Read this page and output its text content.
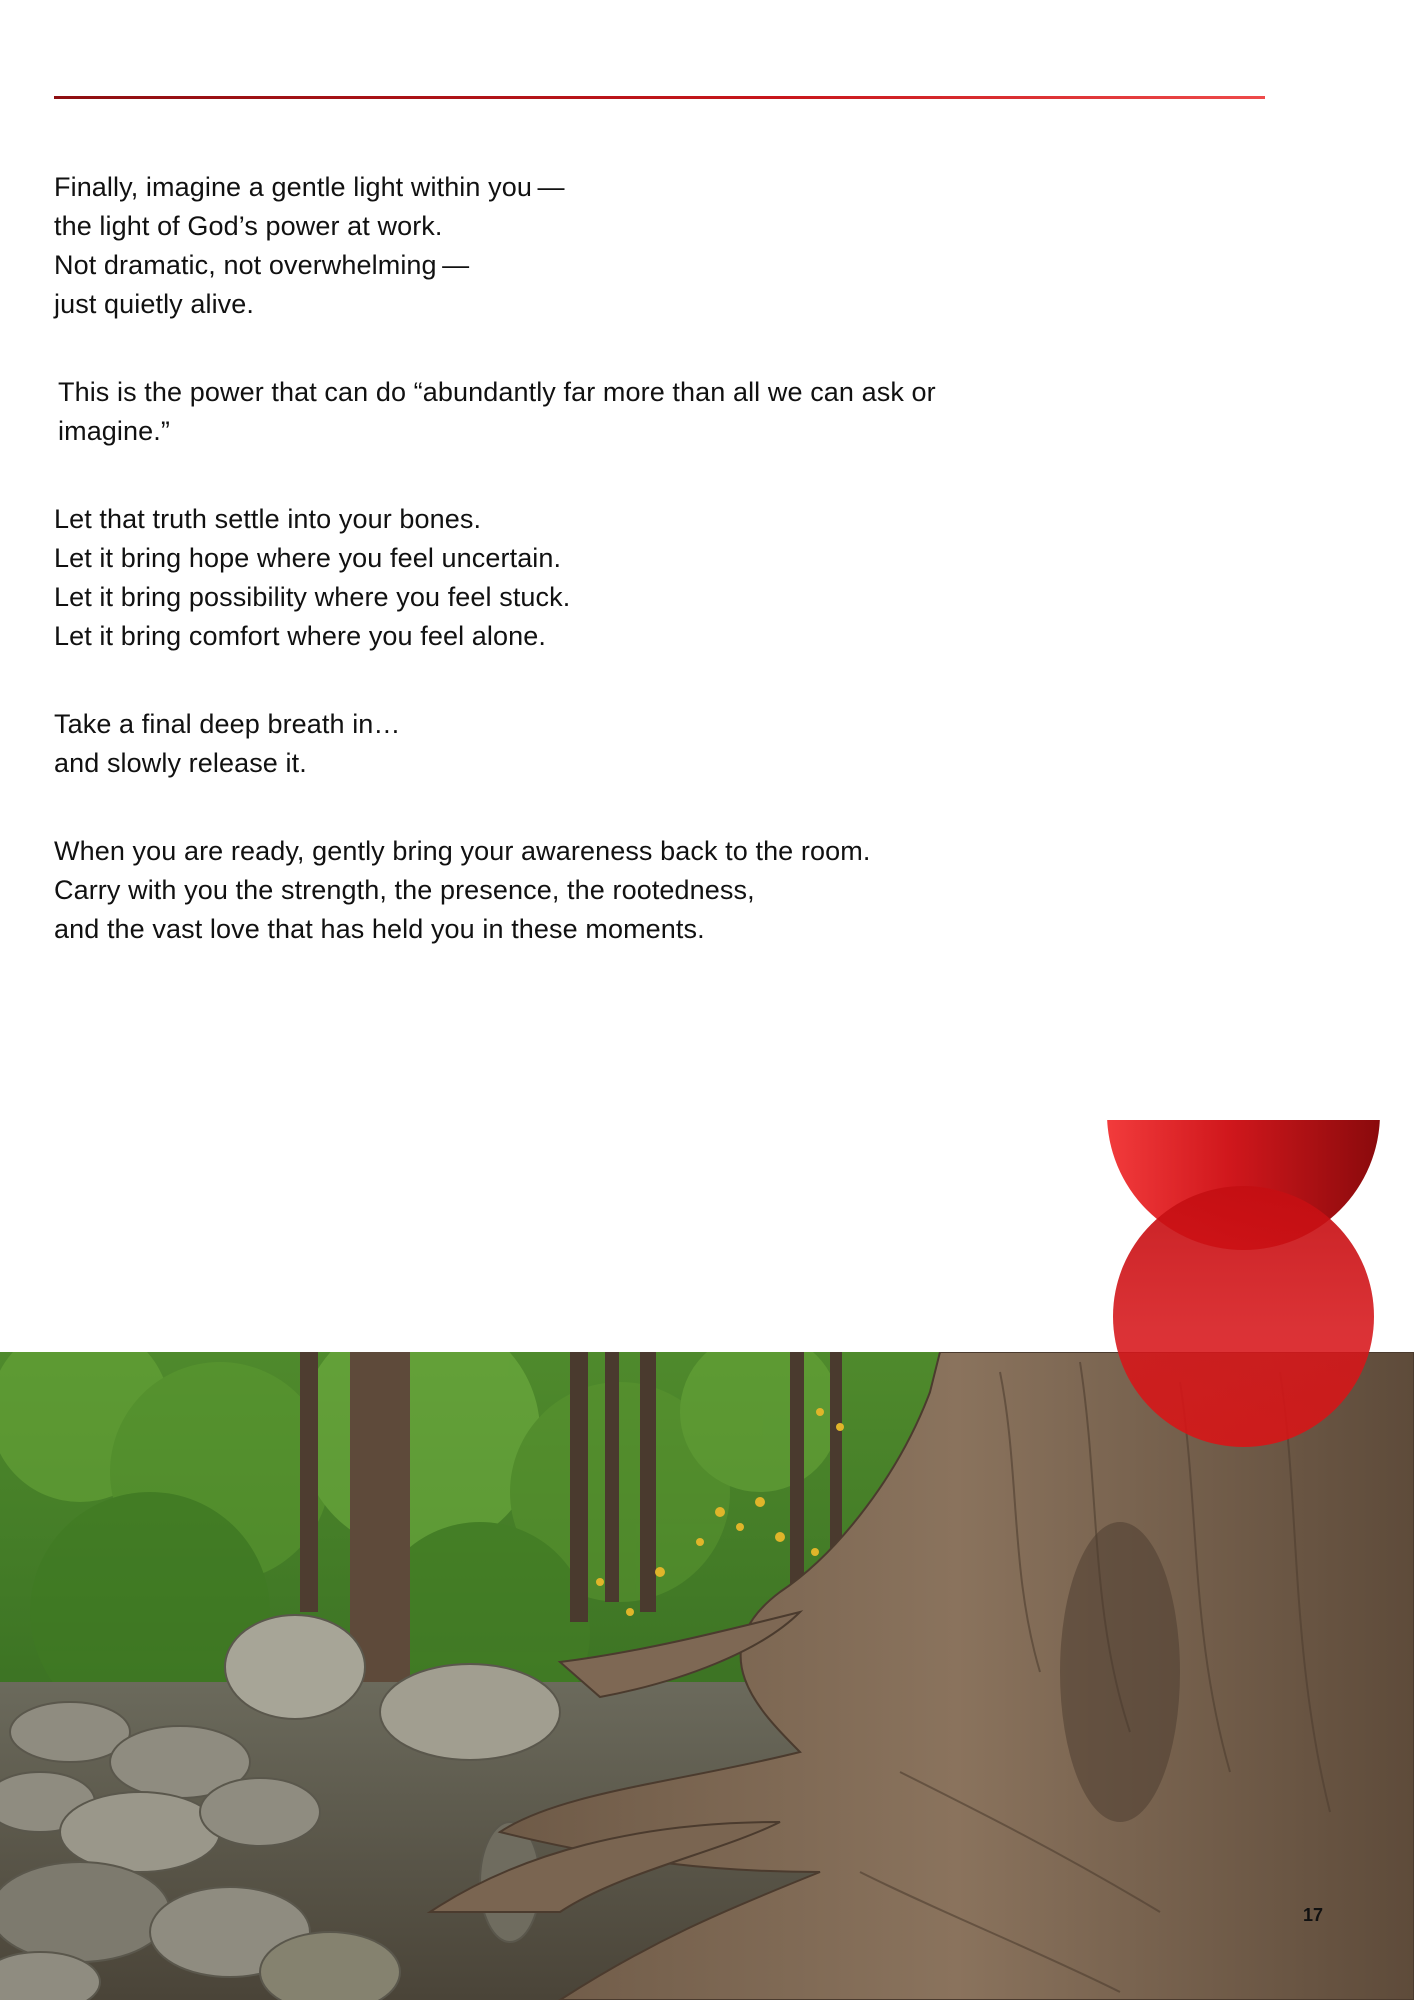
Finally, imagine a gentle light within you —
the light of God’s power at work.
Not dramatic, not overwhelming —
just quietly alive.

This is the power that can do “abundantly far more than all we can ask or imagine.”

Let that truth settle into your bones.
Let it bring hope where you feel uncertain.
Let it bring possibility where you feel stuck.
Let it bring comfort where you feel alone.

Take a final deep breath in…
and slowly release it.

When you are ready, gently bring your awareness back to the room.
Carry with you the strength, the presence, the rootedness,
and the vast love that has held you in these moments.

17
